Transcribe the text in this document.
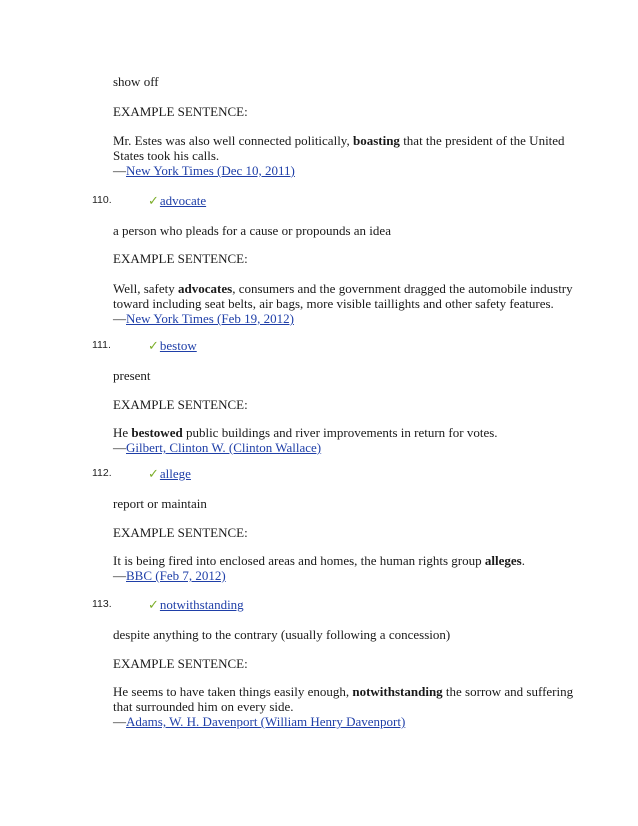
show off
EXAMPLE SENTENCE:
Mr. Estes was also well connected politically, boasting that the president of the United
States took his calls.
—New York Times (Dec 10, 2011)
110.	✓advocate
a person who pleads for a cause or propounds an idea
EXAMPLE SENTENCE:
Well, safety advocates, consumers and the government dragged the automobile industry
toward including seat belts, air bags, more visible taillights and other safety features.
—New York Times (Feb 19, 2012)
111.	✓bestow
present
EXAMPLE SENTENCE:
He bestowed public buildings and river improvements in return for votes.
—Gilbert, Clinton W. (Clinton Wallace)
112.	✓allege
report or maintain
EXAMPLE SENTENCE:
It is being fired into enclosed areas and homes, the human rights group alleges.
—BBC (Feb 7, 2012)
113.	✓notwithstanding
despite anything to the contrary (usually following a concession)
EXAMPLE SENTENCE:
He seems to have taken things easily enough, notwithstanding the sorrow and suffering
that surrounded him on every side.
—Adams, W. H. Davenport (William Henry Davenport)
